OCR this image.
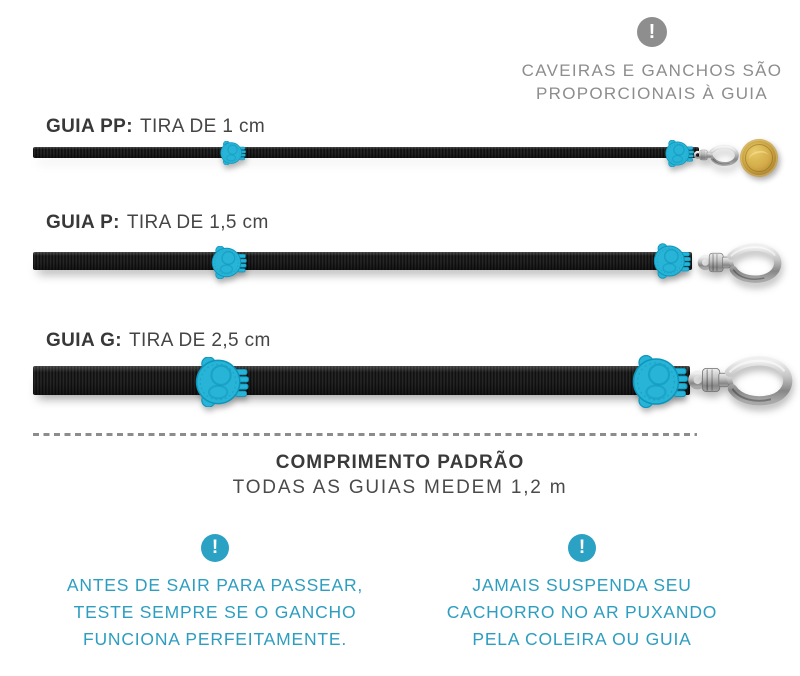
!
CAVEIRAS E GANCHOS SÃO
PROPORCIONAIS À GUIA
GUIA PP: TIRA DE 1 cm
GUIA P: TIRA DE 1,5 cm
GUIA G: TIRA DE 2,5 cm
COMPRIMENTO PADRÃO
TODAS AS GUIAS MEDEM 1,2 m
!
ANTES DE SAIR PARA PASSEAR,
TESTE SEMPRE SE O GANCHO
FUNCIONA PERFEITAMENTE.
!
JAMAIS SUSPENDA SEU
CACHORRO NO AR PUXANDO
PELA COLEIRA OU GUIA
